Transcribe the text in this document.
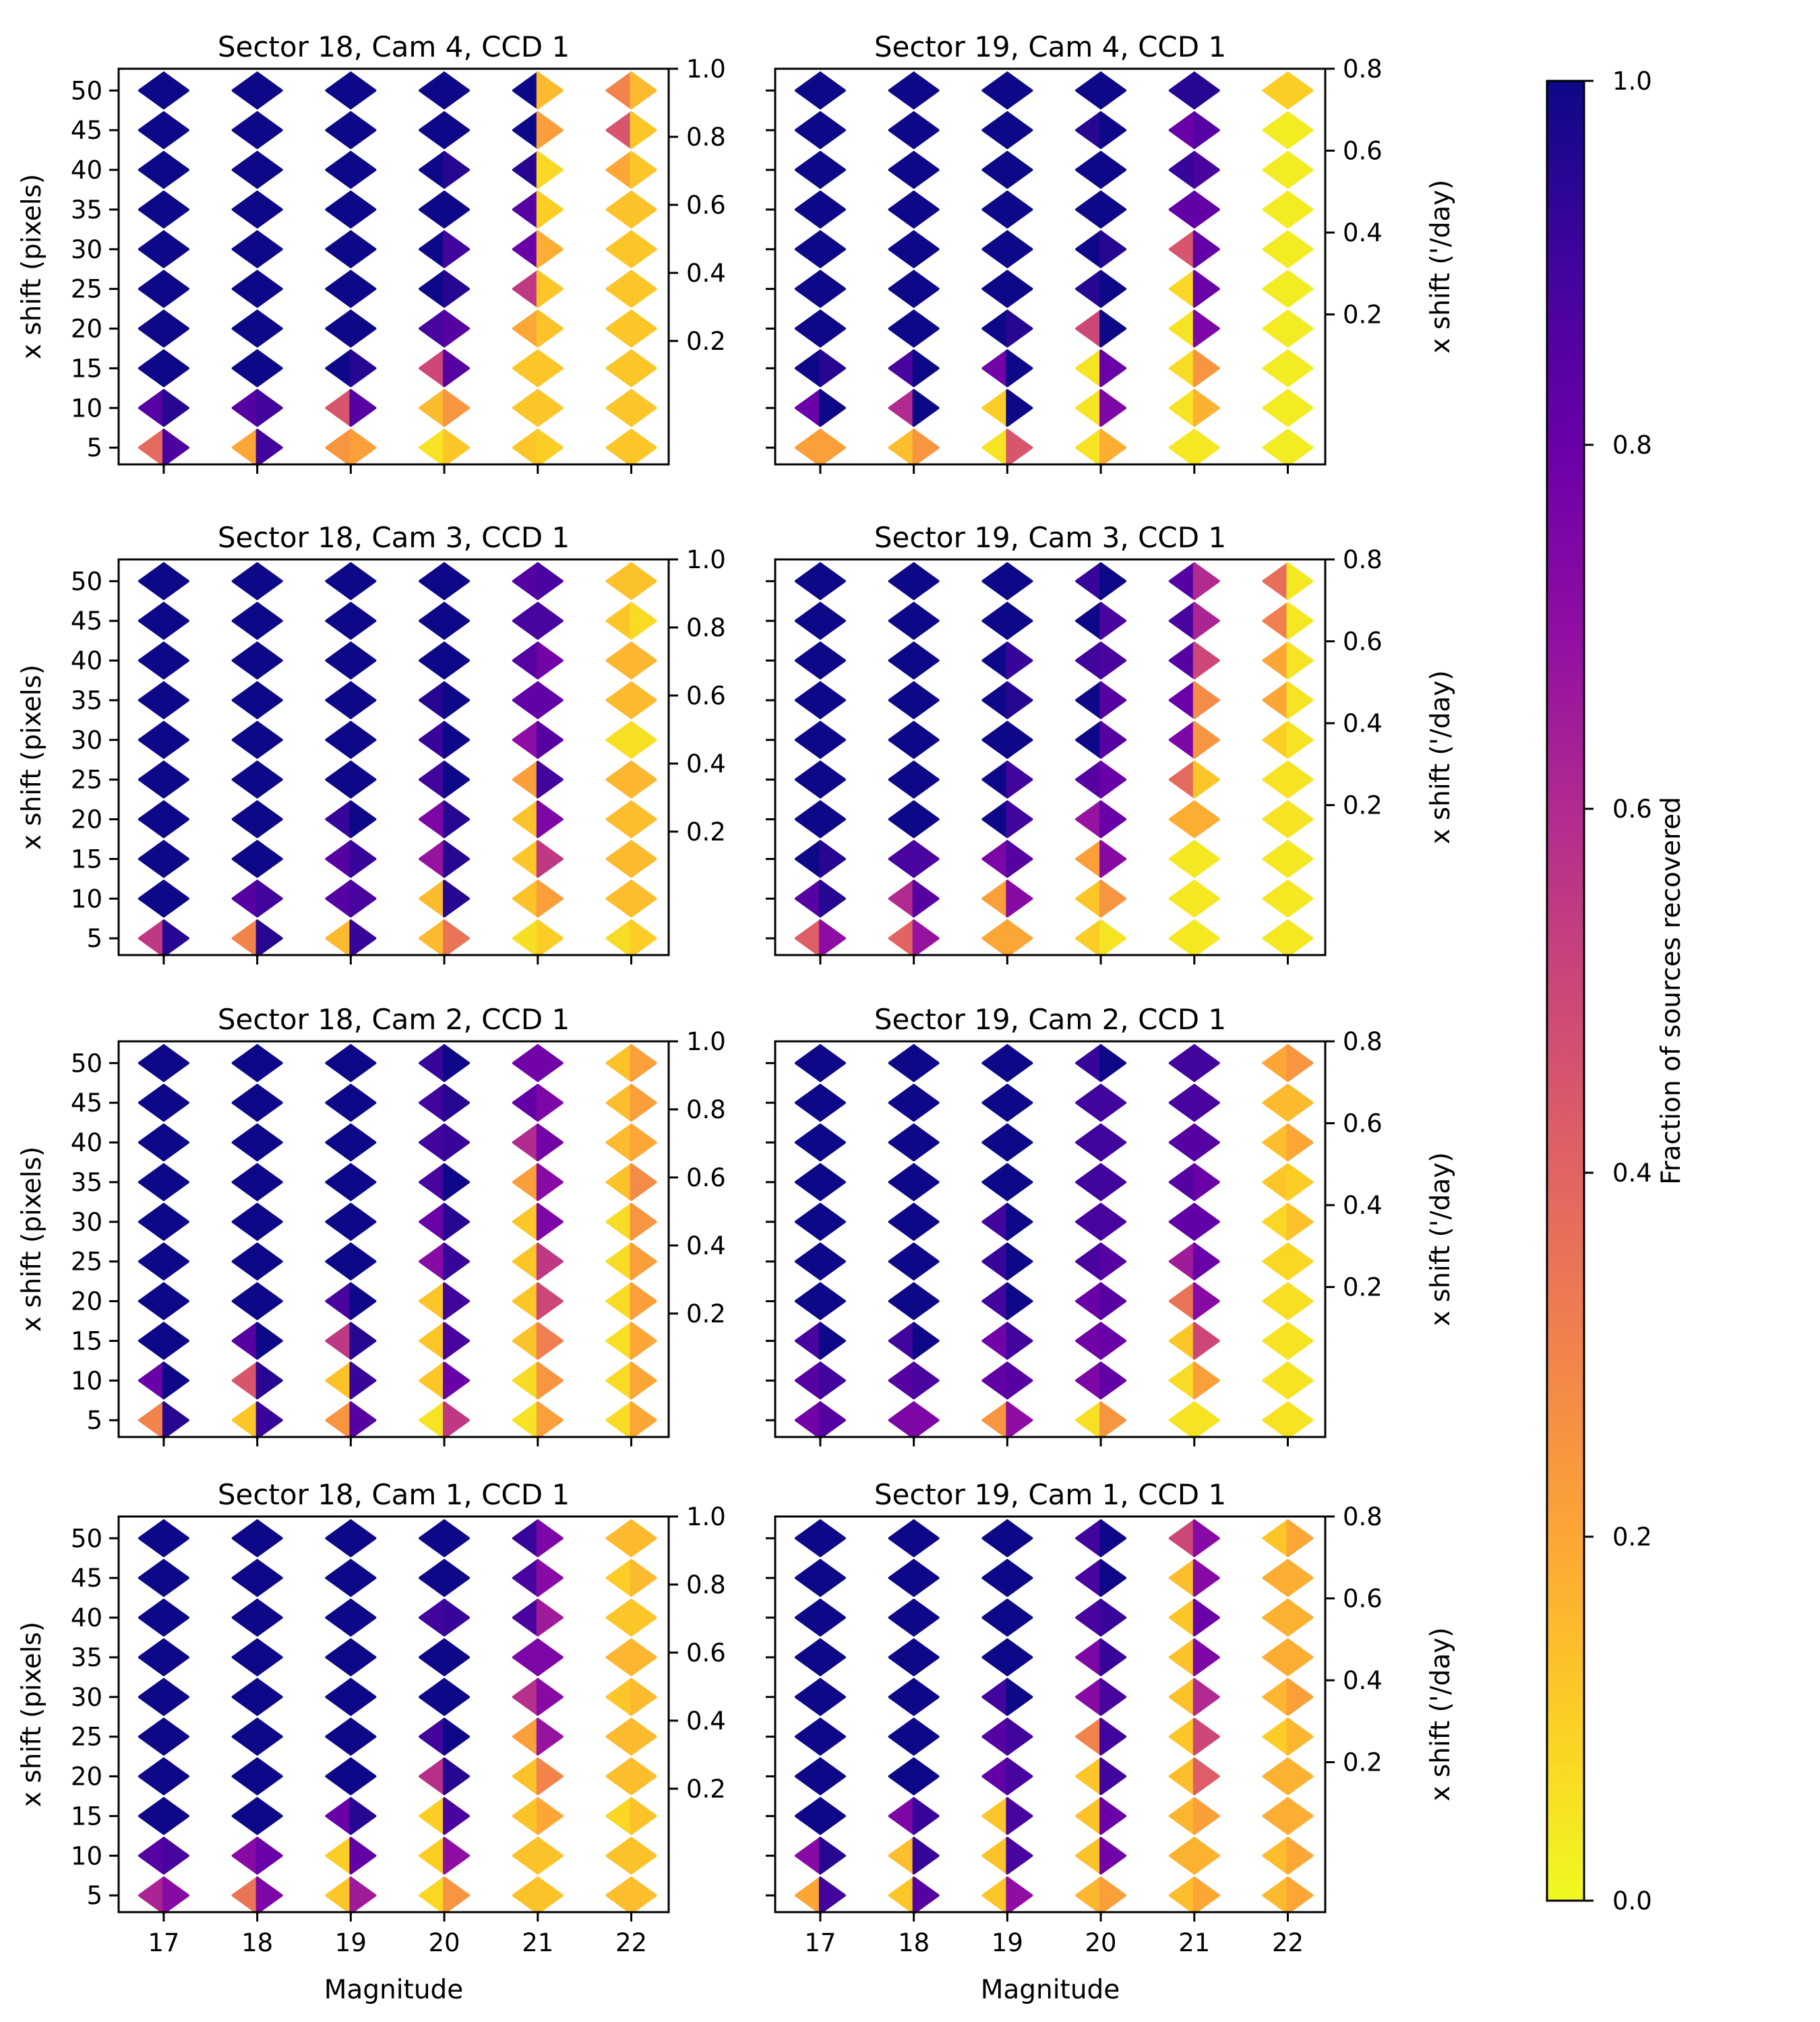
Sector 18, Cam 4, CCD 1
50
45
40
35
30
25
20
15
10
5
1.0
0.8
0.6
0.4
0.2
x shift (pixels)
Sector 19, Cam 4, CCD 1
0.8
0.6
0.4
0.2 x shift ('/day)
Sector 18, Cam 3, CCD 1
50
45
40
35
30
25
20
15
10
5
1.0
0.8
0.6
0.4
0.2
x shift (pixels)
Sector 19, Cam 3, CCD 1
0.8
0.6
0.4
0.2 x shift ('/day)
Sector 18, Cam 2, CCD 1
50
45
40
35
30
25
20
15
10
5
1.0
0.8
0.6
0.4
0.2
x shift (pixels)
Sector 19, Cam 2, CCD 1
0.8
0.6
0.4
0.2 x shift ('/day)
Sector 18, Cam 1, CCD 1
50
45
40
35
30
25
20
15
10
5
17 18 19 20 21 22
1.0
0.8
0.6
0.4
0.2
x shift (pixels)
Magnitude
Sector 19, Cam 1, CCD 1
17 18 19 20 21 22
0.8
0.6
0.4
0.2 x shift ('/day)
Magnitude
1.0
0.8
0.6
0.4
0.2
0.0
Fraction of sources recovered
